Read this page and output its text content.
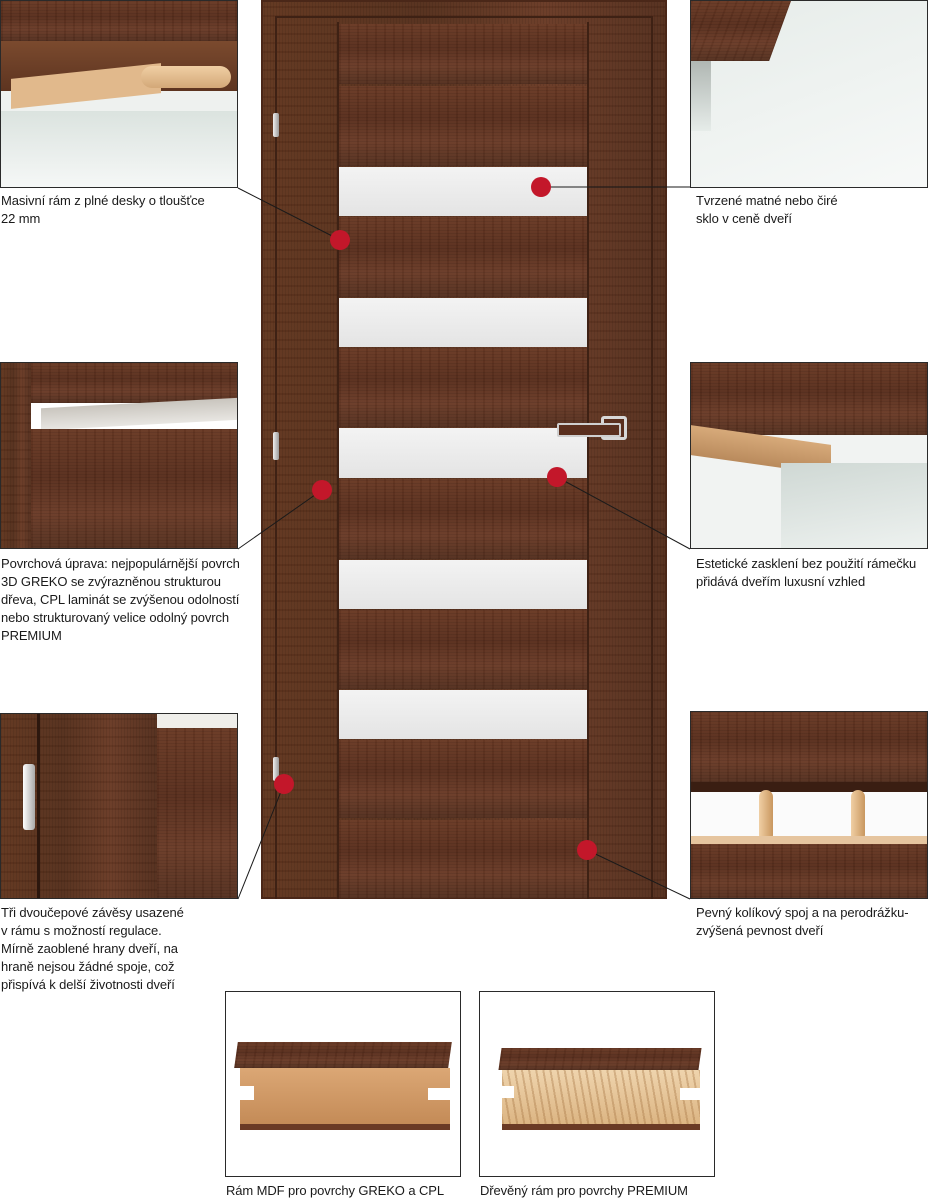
Masivní rám z plné desky o tloušťce
22 mm
Tvrzené matné nebo čiré
sklo v ceně dveří
Povrchová úprava: nejpopulárnější povrch
3D GREKO se zvýrazněnou strukturou
dřeva, CPL laminát se zvýšenou odolností
nebo strukturovaný velice odolný povrch
PREMIUM
Estetické zasklení bez použití rámečku
přidává dveřím luxusní vzhled
Tři dvoučepové závěsy usazené
v rámu s možností regulace.
Mírně zaoblené hrany dveří, na
hraně nejsou žádné spoje, což
přispívá k delší životnosti dveří
Pevný kolíkový spoj a na perodrážku-
zvýšená pevnost dveří
Rám MDF pro povrchy GREKO a CPL	Dřevěný rám pro povrchy PREMIUM
